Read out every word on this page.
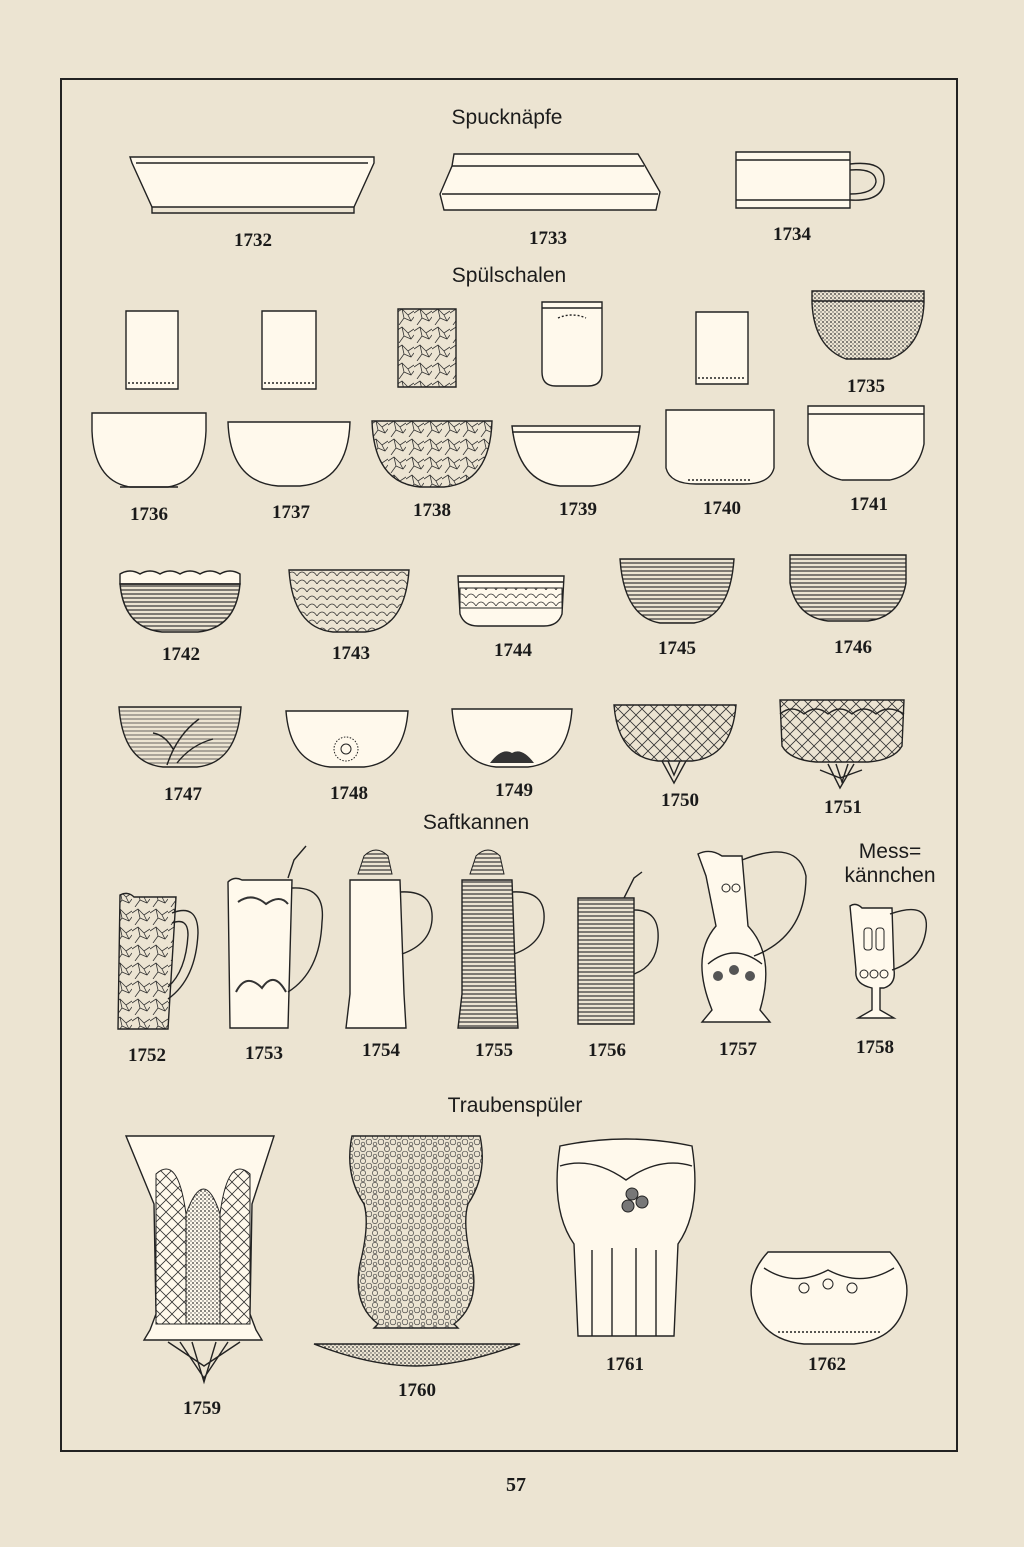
Spucknäpfe
Spülschalen
Saftkannen
Mess=
kännchen
Traubenspüler
1732	1733	1734
1735
1736	1737	1738	1739	1740	1741
1742	1743	1744	1745	1746
1747	1748	1749	1750	1751
1752	1753	1754	1755	1756	1757	1758
1759
1760
1761	1762
57
